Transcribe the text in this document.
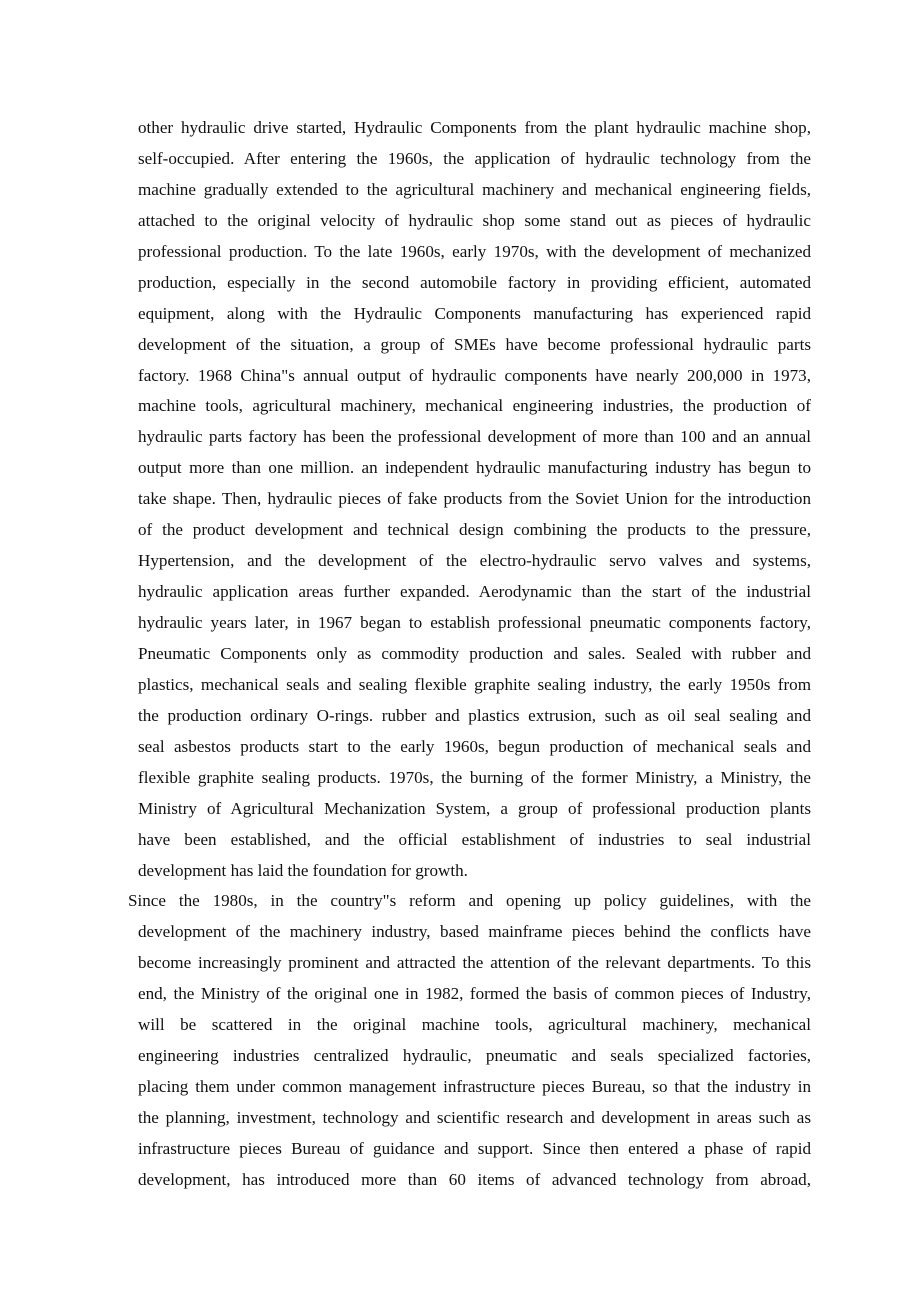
other hydraulic drive started, Hydraulic Components from the plant hydraulic machine shop,
self-occupied. After entering the 1960s, the application of hydraulic technology from the
machine gradually extended to the agricultural machinery and mechanical engineering fields,
attached to the original velocity of hydraulic shop some stand out as pieces of hydraulic
professional production. To the late 1960s, early 1970s, with the development of mechanized
production, especially in the second automobile factory in providing efficient, automated
equipment, along with the Hydraulic Components manufacturing has experienced rapid
development of the situation, a group of SMEs have become professional hydraulic parts
factory. 1968 China"s annual output of hydraulic components have nearly 200,000 in 1973,
machine tools, agricultural machinery, mechanical engineering industries, the production of
hydraulic parts factory has been the professional development of more than 100 and an annual
output more than one million. an independent hydraulic manufacturing industry has begun to
take shape. Then, hydraulic pieces of fake products from the Soviet Union for the introduction
of the product development and technical design combining the products to the pressure,
Hypertension, and the development of the electro-hydraulic servo valves and systems,
hydraulic application areas further expanded. Aerodynamic than the start of the industrial
hydraulic years later, in 1967 began to establish professional pneumatic components factory,
Pneumatic Components only as commodity production and sales. Sealed with rubber and
plastics, mechanical seals and sealing flexible graphite sealing industry, the early 1950s from
the production ordinary O-rings. rubber and plastics extrusion, such as oil seal sealing and
seal asbestos products start to the early 1960s, begun production of mechanical seals and
flexible graphite sealing products. 1970s, the burning of the former Ministry, a Ministry, the
Ministry of Agricultural Mechanization System, a group of professional production plants
have been established, and the official establishment of industries to seal industrial
development has laid the foundation for growth.
Since the 1980s, in the country"s reform and opening up policy guidelines, with the
development of the machinery industry, based mainframe pieces behind the conflicts have
become increasingly prominent and attracted the attention of the relevant departments. To this
end, the Ministry of the original one in 1982, formed the basis of common pieces of Industry,
will be scattered in the original machine tools, agricultural machinery, mechanical
engineering industries centralized hydraulic, pneumatic and seals specialized factories,
placing them under common management infrastructure pieces Bureau, so that the industry in
the planning, investment, technology and scientific research and development in areas such as
infrastructure pieces Bureau of guidance and support. Since then entered a phase of rapid
development, has introduced more than 60 items of advanced technology from abroad,
